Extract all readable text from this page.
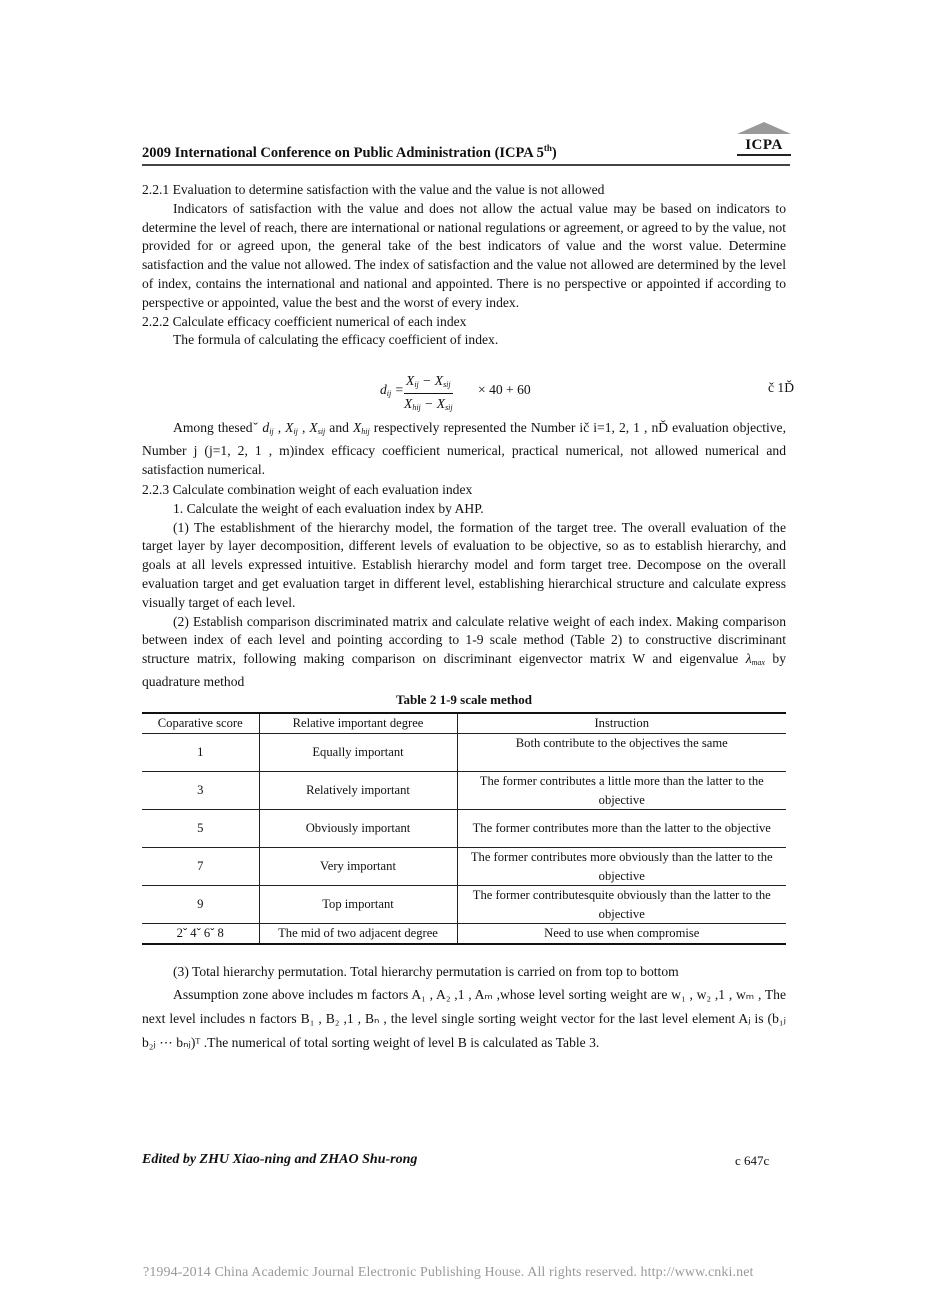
2009 International Conference on Public Administration (ICPA 5th)	ICPA

2.2.1 Evaluation to determine satisfaction with the value and the value is not allowed

Indicators of satisfaction with the value and does not allow the actual value may be based on indicators to determine the level of reach, there are international or national regulations or agreement, or agreed to by the value, not provided for or agreed upon, the general take of the best indicators of value and the worst value. Determine satisfaction and the value not allowed. The index of satisfaction and the value not allowed are determined by the level of index, contains the international and national and appointed. There is no perspective or appointed if according to perspective or appointed, value the best and the worst of every index.

2.2.2 Calculate efficacy coefficient numerical of each index

The formula of calculating the efficacy coefficient of index.

$d_{ij}$ =
$X_{ij} - X_{sij}$
$X_{hij} - X_{sij}$
× 40 + 60	č 1Ď

Among thesedˇ $d_{ij}$ , $X_{ij}$ , $X_{sij}$ and $X_{hij}$ respectively represented the Number ič i=1, 2, 1 , nĎ evaluation objective, Number j (j=1, 2, 1 , m)index efficacy coefficient numerical, practical numerical, not allowed numerical and satisfaction numerical.

2.2.3 Calculate combination weight of each evaluation index

1. Calculate the weight of each evaluation index by AHP.

(1) The establishment of the hierarchy model, the formation of the target tree. The overall evaluation of the target layer by layer decomposition, different levels of evaluation to be objective, so as to establish hierarchy, and goals at all levels expressed intuitive. Establish hierarchy model and form target tree. Decompose on the overall evaluation target and get evaluation target in different level, establishing hierarchical structure and calculate express visually target of each level.

(2) Establish comparison discriminated matrix and calculate relative weight of each index. Making comparison between index of each level and pointing according to 1-9 scale method (Table 2) to constructive discriminant structure matrix, following making comparison on discriminant eigenvector matrix W and eigenvalue $\lambda_{max}$ by quadrature method

Table 2 1-9 scale method
Coparative score	Relative important degree	Instruction
1	Equally important	Both contribute to the objectives the same
3	Relatively important	The former contributes a little more than the latter to the objective
5	Obviously important	The former contributes more than the latter to the objective
7	Very important	The former contributes more obviously than the latter to the objective
9	Top important	The former contributesquite obviously than the latter to the objective
2ˇ 4ˇ 6ˇ 8	The mid of two adjacent degree	Need to use when compromise

(3) Total hierarchy permutation. Total hierarchy permutation is carried on from top to bottom

Assumption zone above includes m factors A₁ , A₂ ,1 , Aₘ ,whose level sorting weight are w₁ , w₂ ,1 , wₘ , The next level includes n factors B₁ , B₂ ,1 , Bₙ , the level single sorting weight vector for the last level element Aⱼ is (b₁ⱼ b₂ⱼ ⋯ bₙⱼ)ᵀ .The numerical of total sorting weight of level B is calculated as Table 3.

Edited by ZHU Xiao-ning and ZHAO Shu-rong	c 647c
?1994-2014 China Academic Journal Electronic Publishing House. All rights reserved. http://www.cnki.net
